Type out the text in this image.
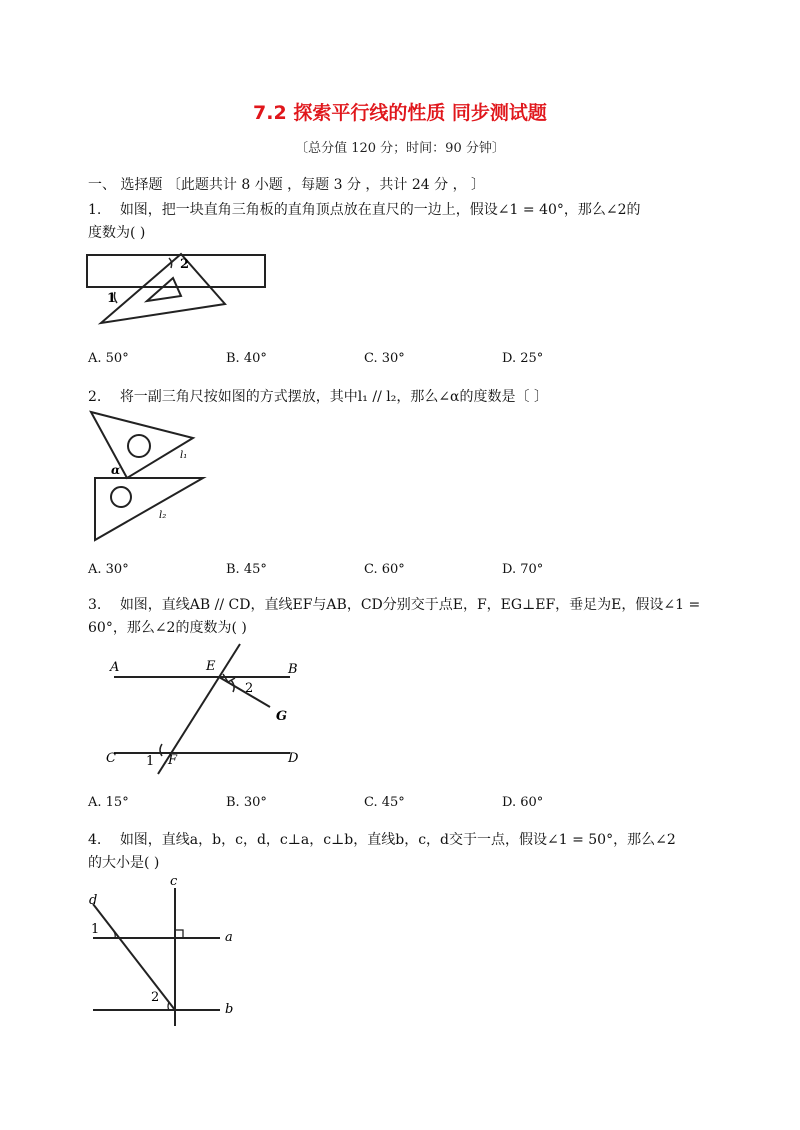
7.2 探索平行线的性质 同步测试题
〔总分值 120 分；时间：90 分钟〕
一、 选择题 〔此题共计 8 小题 ，每题 3 分 ，共计 24 分 ， 〕
1. 如图，把一块直角三角板的直角顶点放在直尺的一边上，假设∠1 = 40°，那么∠2的
度数为( )
2
1
A. 50°	B. 40°	C. 30°	D. 25°
2. 将一副三角尺按如图的方式摆放，其中l₁ // l₂，那么∠α的度数是〔 〕
α
l₁
l₂
A. 30°	B. 45°	C. 60°	D. 70°
3. 如图，直线AB // CD，直线EF与AB，CD分别交于点E，F，EG⊥EF，垂足为E，假设∠1 =
60°，那么∠2的度数为( )
A	E	B
2
G
C 1 F	D
A. 15°	B. 30°	C. 45°	D. 60°
4. 如图，直线a，b，c，d，c⊥a，c⊥b，直线b，c，d交于一点，假设∠1 = 50°，那么∠2
的大小是( )
c
d
1
a
2
b
